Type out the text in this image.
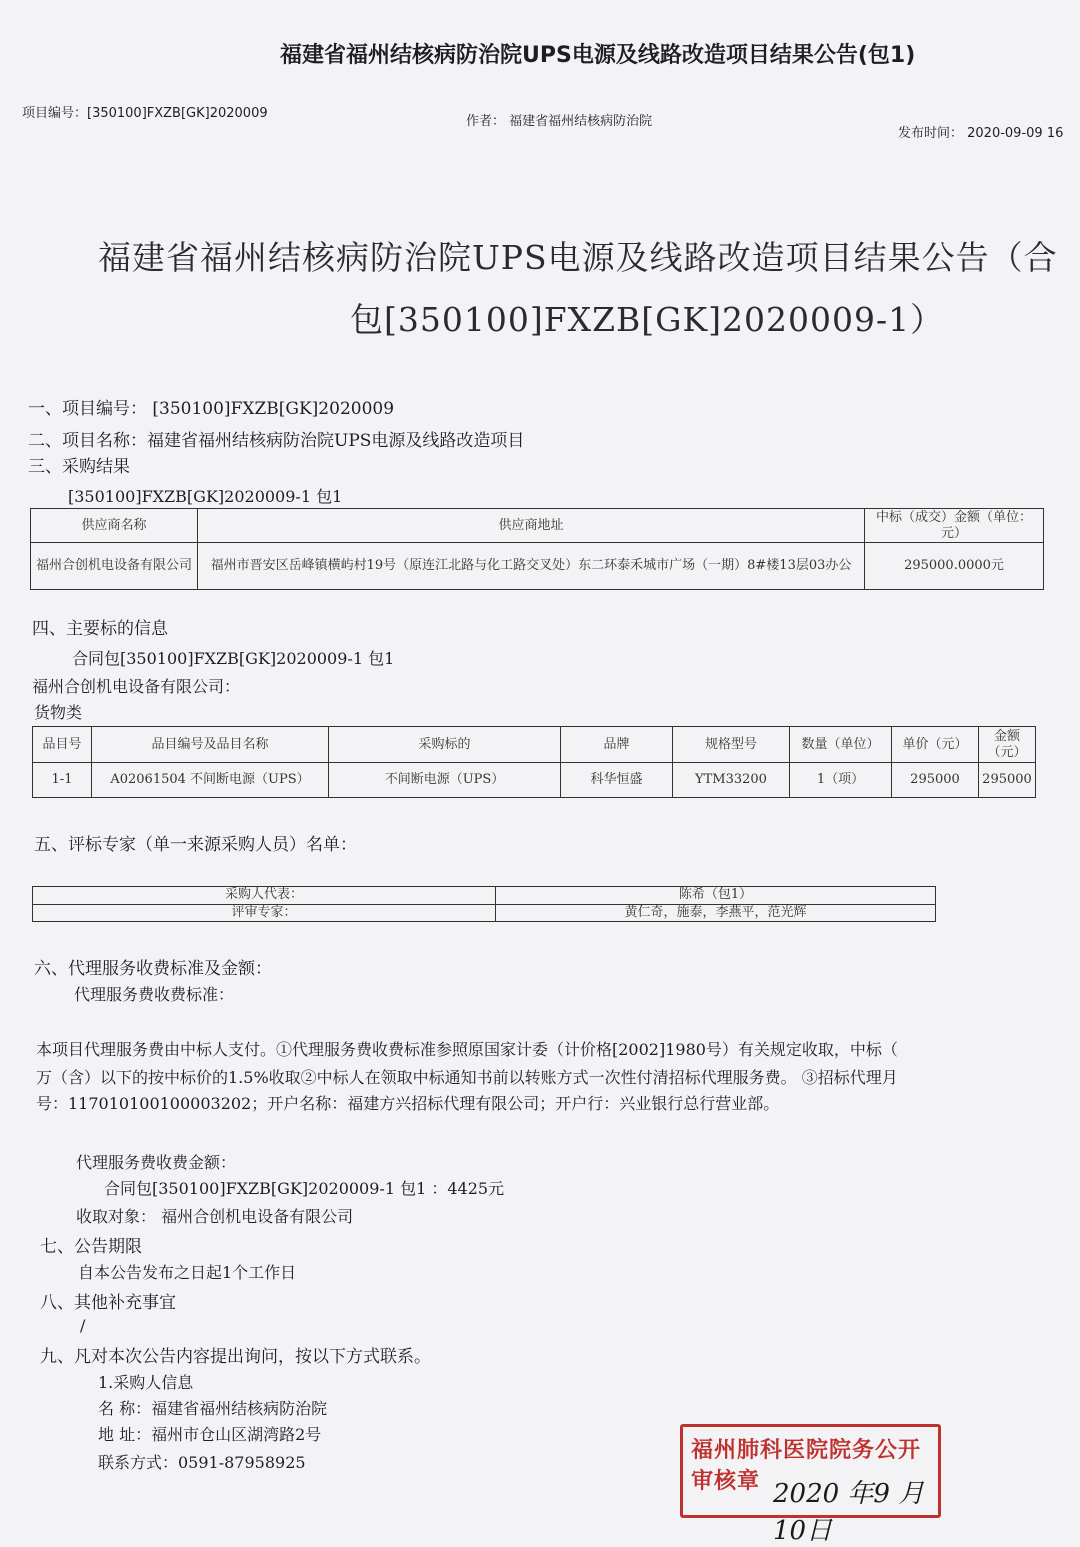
福建省福州结核病防治院UPS电源及线路改造项目结果公告(包1)
项目编号：[350100]FXZB[GK]2020009
作者： 福建省福州结核病防治院
发布时间： 2020-09-09 16
福建省福州结核病防治院UPS电源及线路改造项目结果公告（合
包[350100]FXZB[GK]2020009-1）
一、项目编号： [350100]FXZB[GK]2020009
二、项目名称：福建省福州结核病防治院UPS电源及线路改造项目
三、采购结果
[350100]FXZB[GK]2020009-1 包1
供应商名称	供应商地址	中标（成交）金额（单位：元）
福州合创机电设备有限公司	福州市晋安区岳峰镇横屿村19号（原连江北路与化工路交叉处）东二环泰禾城市广场（一期）8#楼13层03办公	295000.0000元
四、主要标的信息
合同包[350100]FXZB[GK]2020009-1 包1
福州合创机电设备有限公司：
货物类
品目号	品目编号及品目名称	采购标的	品牌	规格型号	数量（单位）	单价（元）	金额（元）
1-1	A02061504 不间断电源（UPS）	不间断电源（UPS）	科华恒盛	YTM33200	1（项）	295000	295000
五、评标专家（单一来源采购人员）名单：
采购人代表：	陈希（包1）
评审专家：	黄仁奇，施泰，李燕平，范光辉
六、代理服务收费标准及金额：
代理服务费收费标准：
本项目代理服务费由中标人支付。①代理服务费收费标准参照原国家计委（计价格[2002]1980号）有关规定收取，中标（
万（含）以下的按中标价的1.5%收取②中标人在领取中标通知书前以转账方式一次性付清招标代理服务费。 ③招标代理月
号：117010100100003202；开户名称：福建方兴招标代理有限公司；开户行：兴业银行总行营业部。
代理服务费收费金额：
合同包[350100]FXZB[GK]2020009-1 包1 ：4425元
收取对象： 福州合创机电设备有限公司
七、公告期限
自本公告发布之日起1个工作日
八、其他补充事宜
/
九、凡对本次公告内容提出询问，按以下方式联系。
1.采购人信息
名 称：福建省福州结核病防治院
地 址：福州市仓山区湖湾路2号
联系方式：0591-87958925	福州肺科医院院务公开审核章 2020 年9 月10日
